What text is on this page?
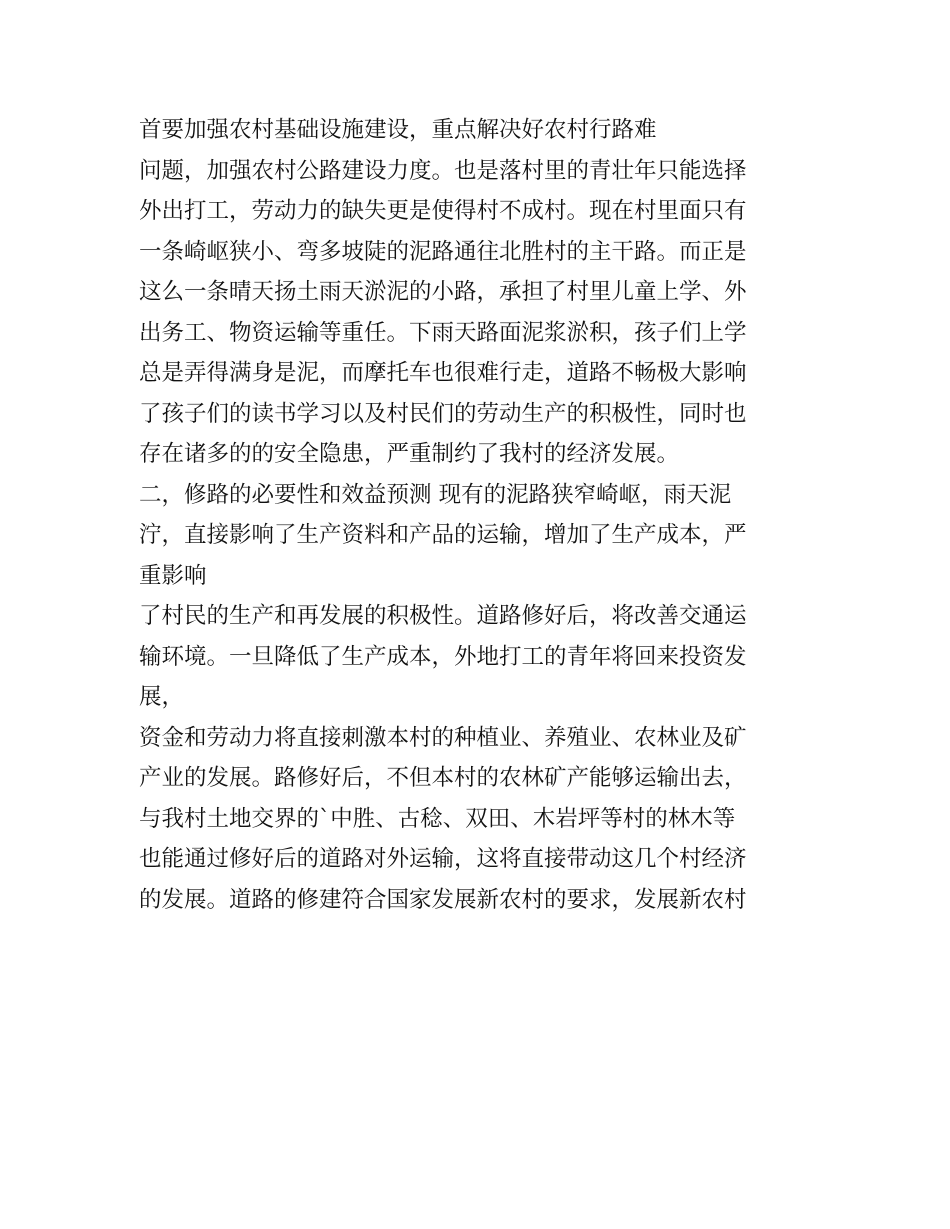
首要加强农村基础设施建设，重点解决好农村行路难
问题，加强农村公路建设力度。也是落村里的青壮年只能选择
外出打工，劳动力的缺失更是使得村不成村。现在村里面只有
一条崎岖狭小、弯多坡陡的泥路通往北胜村的主干路。而正是
这么一条晴天扬土雨天淤泥的小路，承担了村里儿童上学、外
出务工、物资运输等重任。下雨天路面泥浆淤积，孩子们上学
总是弄得满身是泥，而摩托车也很难行走，道路不畅极大影响
了孩子们的读书学习以及村民们的劳动生产的积极性，同时也
存在诸多的的安全隐患，严重制约了我村的经济发展。
二，修路的必要性和效益预测 现有的泥路狭窄崎岖，雨天泥
泞，直接影响了生产资料和产品的运输，增加了生产成本，严
重影响
了村民的生产和再发展的积极性。道路修好后，将改善交通运
输环境。一旦降低了生产成本，外地打工的青年将回来投资发
展，
资金和劳动力将直接刺激本村的种植业、养殖业、农林业及矿
产业的发展。路修好后，不但本村的农林矿产能够运输出去，
与我村土地交界的`中胜、古稔、双田、木岩坪等村的林木等
也能通过修好后的道路对外运输，这将直接带动这几个村经济
的发展。道路的修建符合国家发展新农村的要求，发展新农村
